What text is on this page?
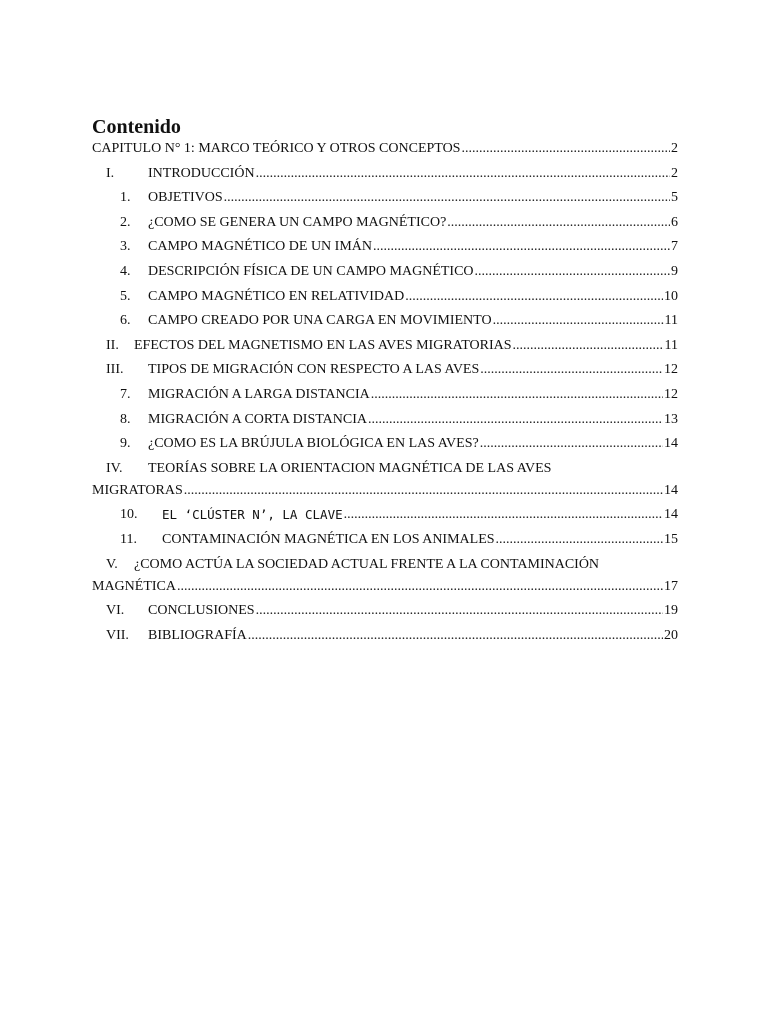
Contenido
CAPITULO N° 1: MARCO TEÓRICO Y OTROS CONCEPTOS .....	2
I.	INTRODUCCIÓN .....	2
1.	OBJETIVOS .....	5
2.	¿COMO SE GENERA UN CAMPO MAGNÉTICO? .....	6
3.	CAMPO MAGNÉTICO DE UN IMÁN .....	7
4.	DESCRIPCIÓN FÍSICA DE UN CAMPO MAGNÉTICO .....	9
5.	CAMPO MAGNÉTICO EN RELATIVIDAD .....	10
6.	CAMPO CREADO POR UNA CARGA EN MOVIMIENTO .....	11
II.	EFECTOS DEL MAGNETISMO EN LAS AVES MIGRATORIAS .....	11
III.	TIPOS DE MIGRACIÓN CON RESPECTO A LAS AVES .....	12
7.	MIGRACIÓN A LARGA DISTANCIA .....	12
8.	MIGRACIÓN A CORTA DISTANCIA .....	13
9.	¿COMO ES LA BRÚJULA BIOLÓGICA EN LAS AVES? .....	14
IV.	TEORÍAS SOBRE LA ORIENTACION MAGNÉTICA DE LAS AVES
MIGRATORAS .....	14
10.	EL ‘CLÚSTER N’, LA CLAVE .....	14
11.	CONTAMINACIÓN MAGNÉTICA EN LOS ANIMALES .....	15
V.	¿COMO ACTÚA LA SOCIEDAD ACTUAL FRENTE A LA CONTAMINACIÓN
MAGNÉTICA .....	17
VI.	CONCLUSIONES .....	19
VII.	BIBLIOGRAFÍA .....	20
